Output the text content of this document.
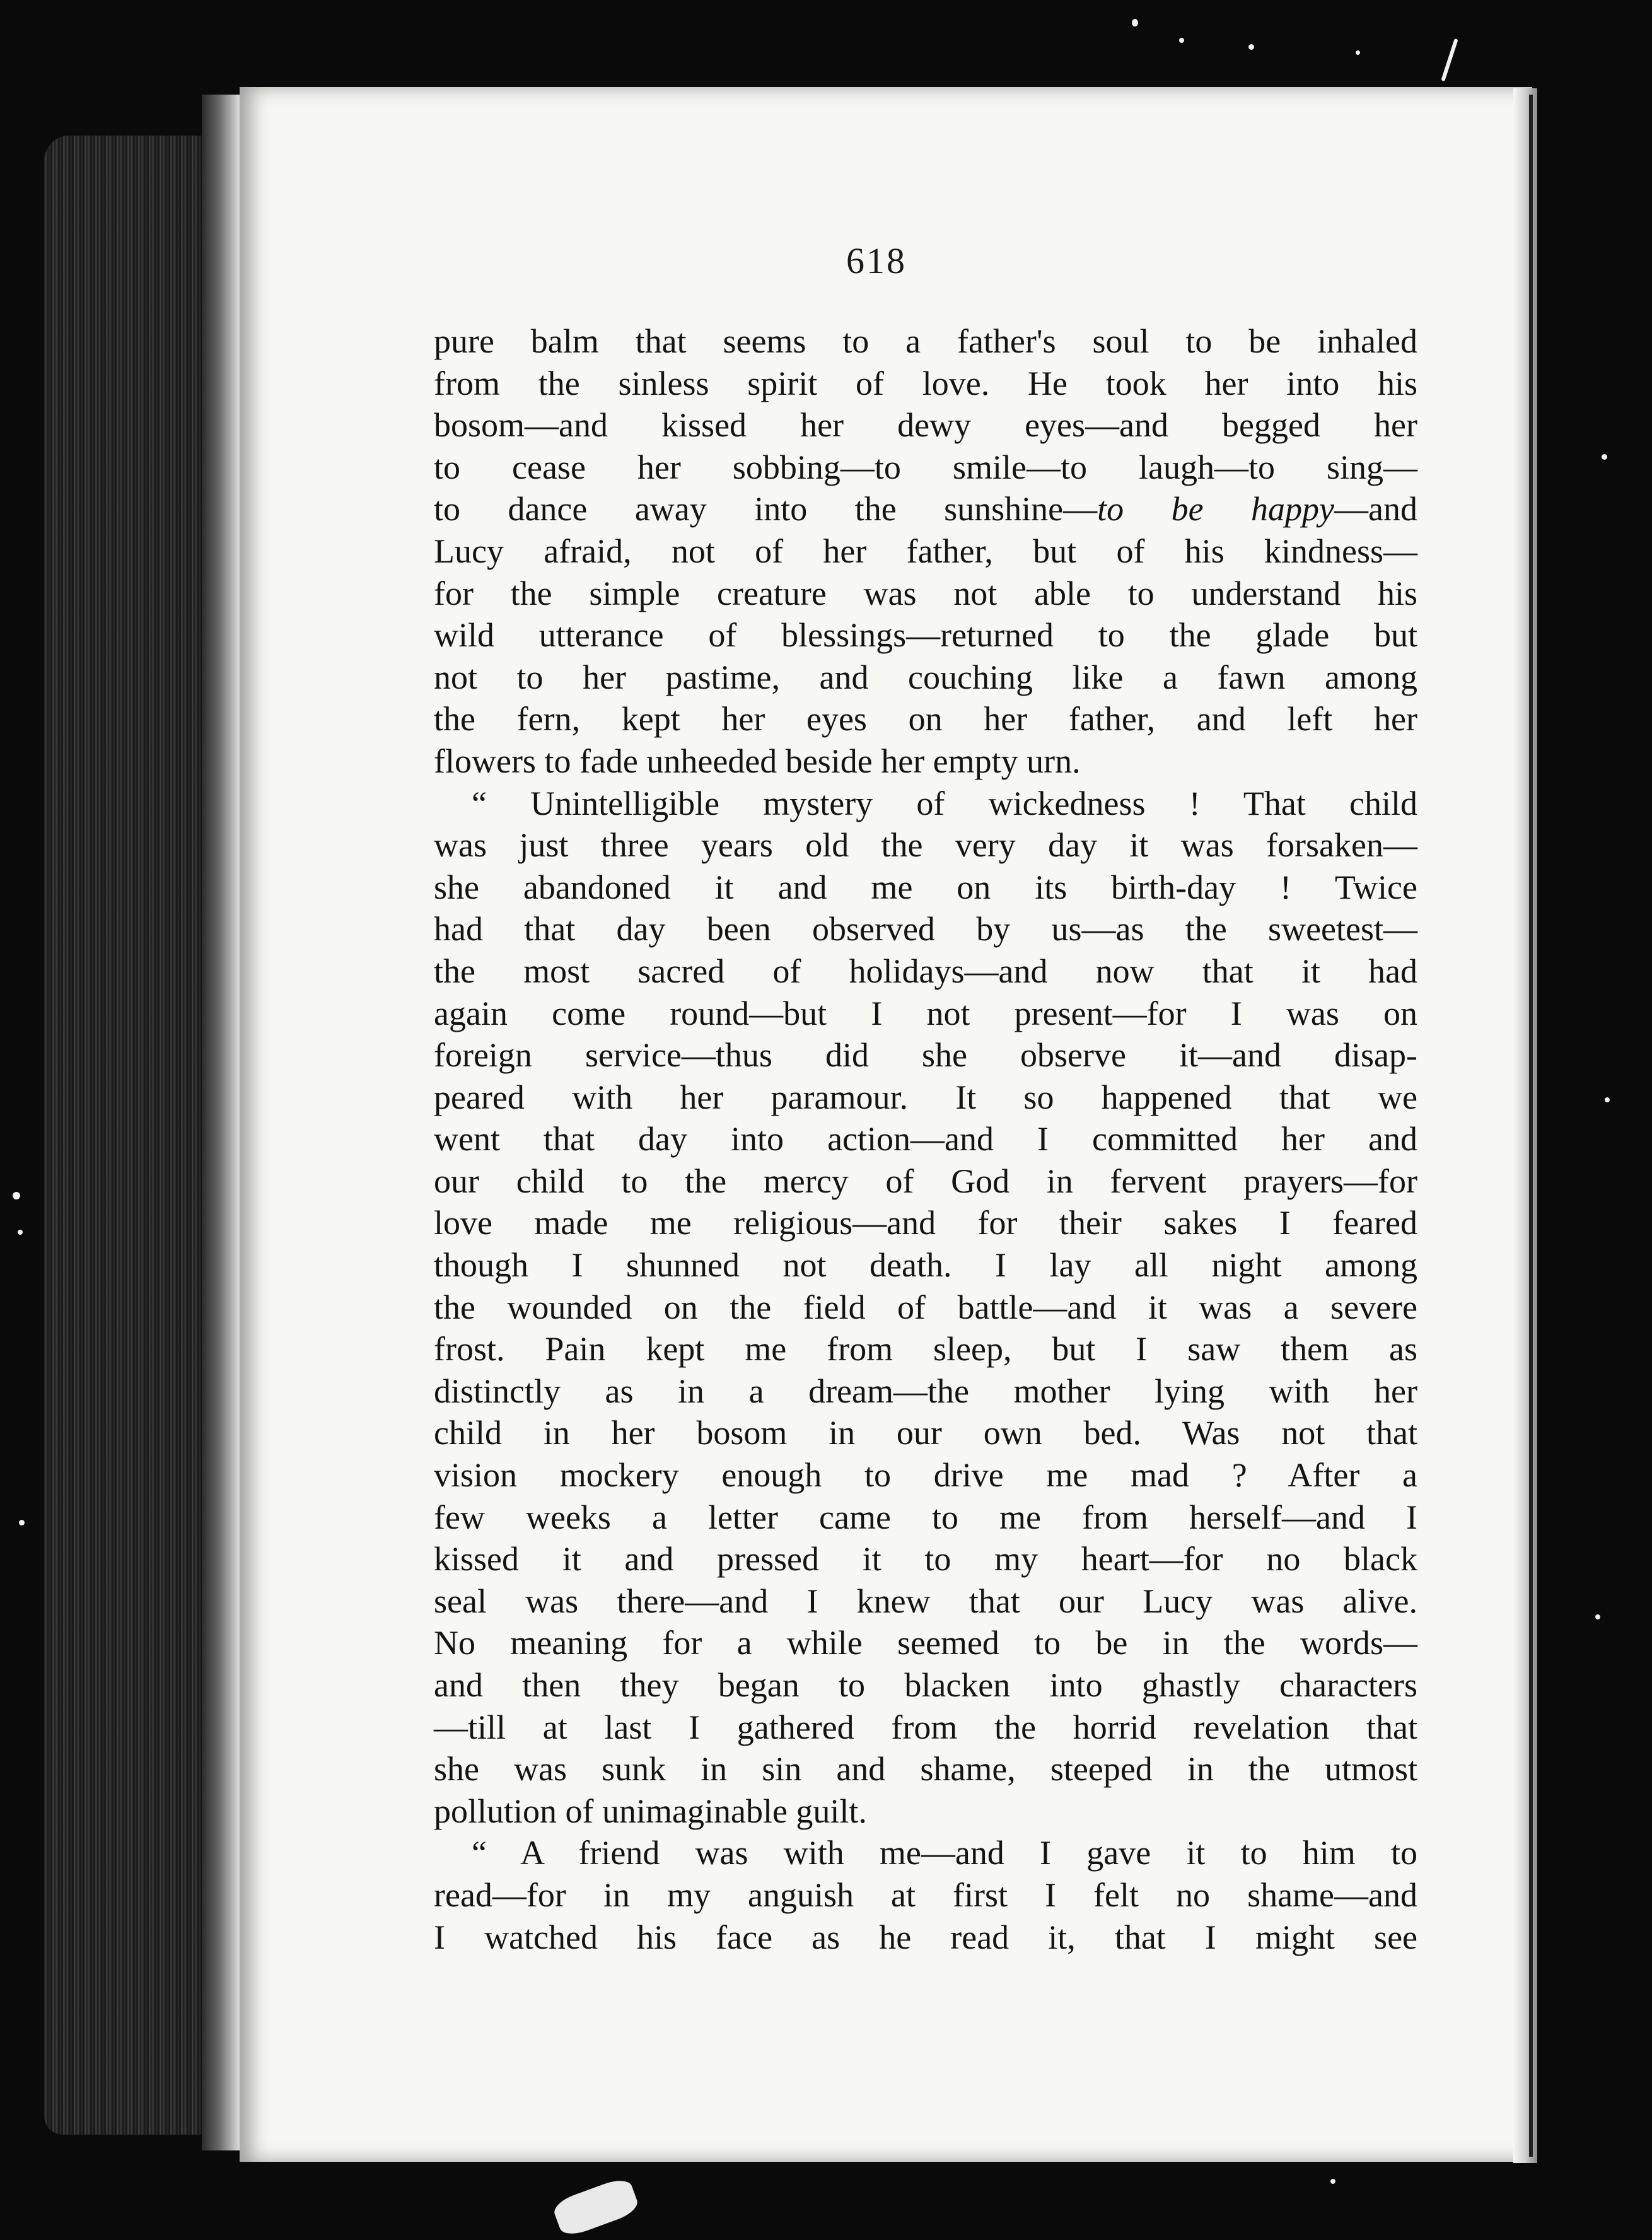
618
pure balm that seems to a father's soul to be inhaled
from the sinless spirit of love. He took her into his
bosom—and kissed her dewy eyes—and begged her
to cease her sobbing—to smile—to laugh—to sing—
to dance away into the sunshine—to be happy—and
Lucy afraid, not of her father, but of his kindness—
for the simple creature was not able to understand his
wild utterance of blessings—returned to the glade but
not to her pastime, and couching like a fawn among
the fern, kept her eyes on her father, and left her
flowers to fade unheeded beside her empty urn.
“ Unintelligible mystery of wickedness ! That child
was just three years old the very day it was forsaken—
she abandoned it and me on its birth-day ! Twice
had that day been observed by us—as the sweetest—
the most sacred of holidays—and now that it had
again come round—but I not present—for I was on
foreign service—thus did she observe it—and disap-
peared with her paramour. It so happened that we
went that day into action—and I committed her and
our child to the mercy of God in fervent prayers—for
love made me religious—and for their sakes I feared
though I shunned not death. I lay all night among
the wounded on the field of battle—and it was a severe
frost. Pain kept me from sleep, but I saw them as
distinctly as in a dream—the mother lying with her
child in her bosom in our own bed. Was not that
vision mockery enough to drive me mad ? After a
few weeks a letter came to me from herself—and I
kissed it and pressed it to my heart—for no black
seal was there—and I knew that our Lucy was alive.
No meaning for a while seemed to be in the words—
and then they began to blacken into ghastly characters
—till at last I gathered from the horrid revelation that
she was sunk in sin and shame, steeped in the utmost
pollution of unimaginable guilt.
“ A friend was with me—and I gave it to him to
read—for in my anguish at first I felt no shame—and
I watched his face as he read it, that I might see
